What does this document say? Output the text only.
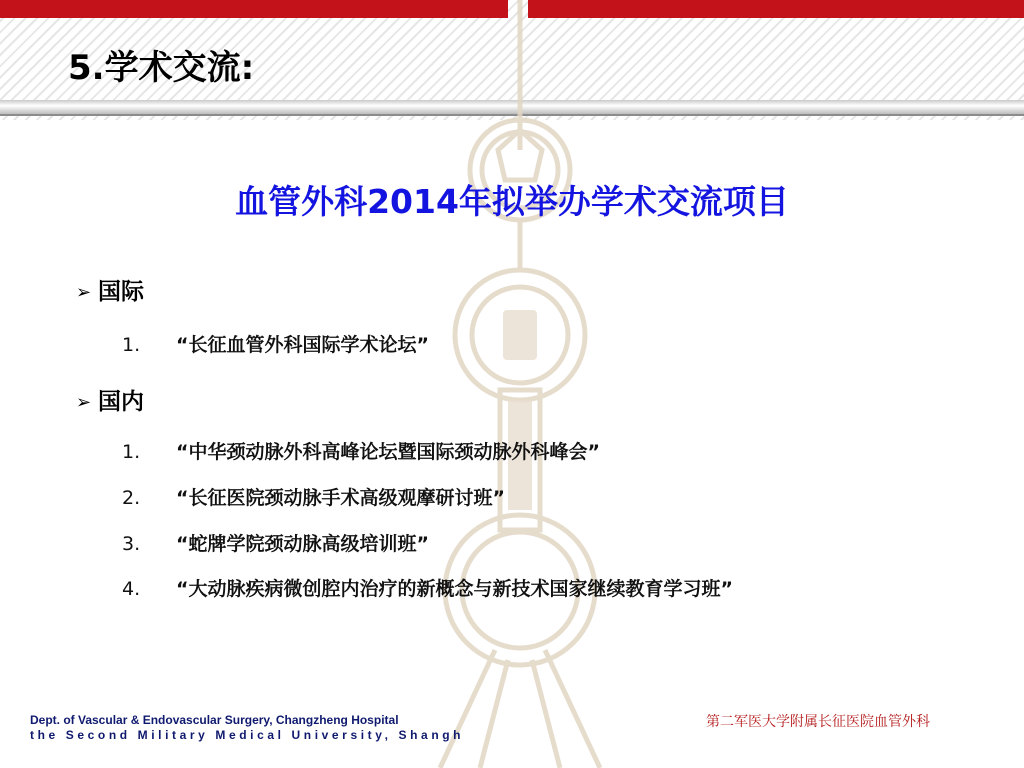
5.学术交流:
血管外科2014年拟举办学术交流项目
➢ 国际
1. “长征血管外科国际学术论坛”
➢ 国内
1. “中华颈动脉外科高峰论坛暨国际颈动脉外科峰会”
2. “长征医院颈动脉手术高级观摩研讨班”
3. “蛇牌学院颈动脉高级培训班”
4. “大动脉疾病微创腔内治疗的新概念与新技术国家继续教育学习班”
Dept. of Vascular & Endovascular Surgery, Changzheng Hospital
the Second Military Medical University, Shangh
第二军医大学附属长征医院血管外科
